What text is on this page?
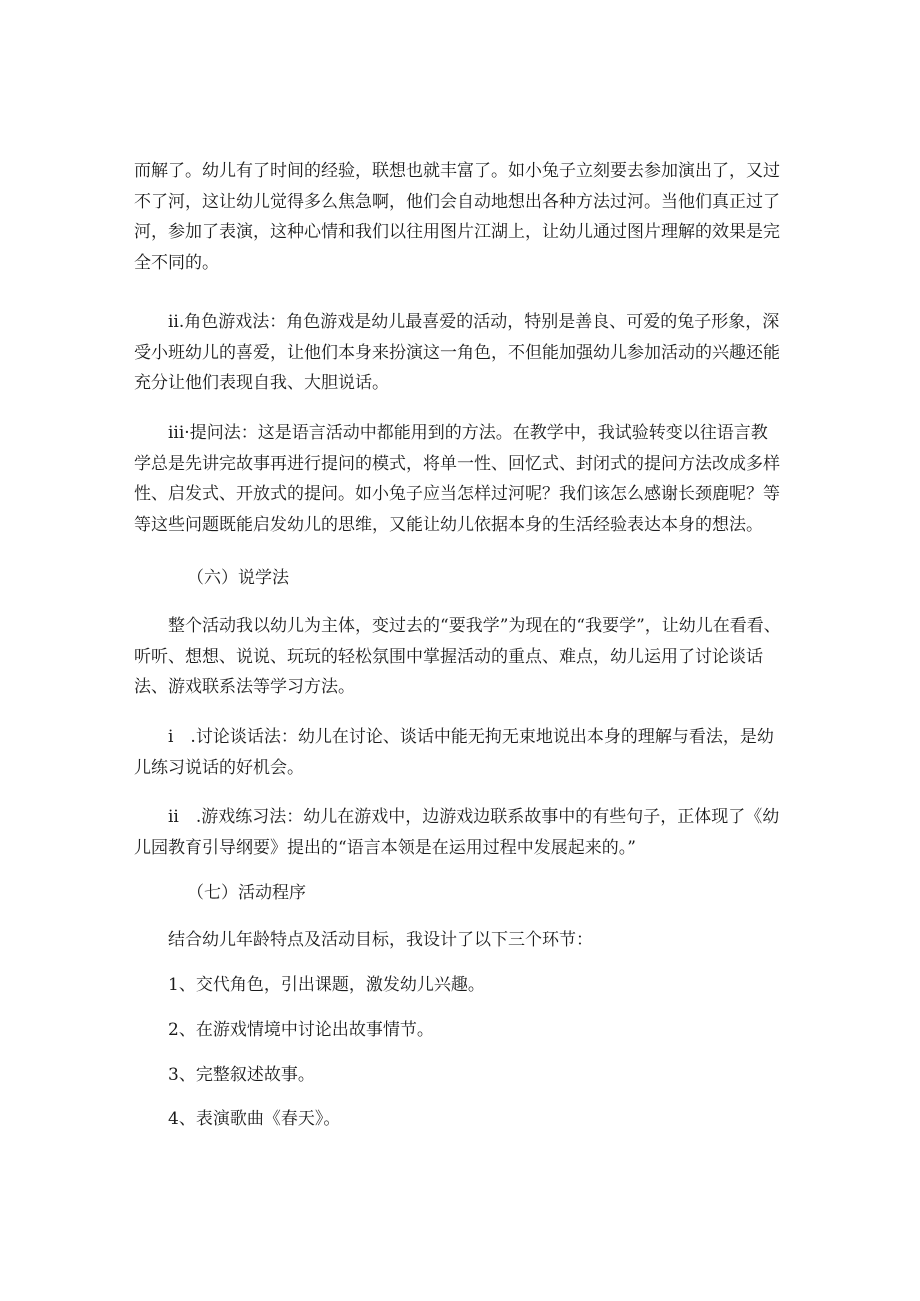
而解了。幼儿有了时间的经验，联想也就丰富了。如小兔子立刻要去参加演出了，又过不了河，这让幼儿觉得多么焦急啊，他们会自动地想出各种方法过河。当他们真正过了河，参加了表演，这种心情和我们以往用图片江湖上，让幼儿通过图片理解的效果是完全不同的。

ii.角色游戏法：角色游戏是幼儿最喜爱的活动，特别是善良、可爱的兔子形象，深受小班幼儿的喜爱，让他们本身来扮演这一角色，不但能加强幼儿参加活动的兴趣还能充分让他们表现自我、大胆说话。

iii·提问法：这是语言活动中都能用到的方法。在教学中，我试验转变以往语言教学总是先讲完故事再进行提问的模式，将单一性、回忆式、封闭式的提问方法改成多样性、启发式、开放式的提问。如小兔子应当怎样过河呢？我们该怎么感谢长颈鹿呢？等等这些问题既能启发幼儿的思维，又能让幼儿依据本身的生活经验表达本身的想法。

（六）说学法

整个活动我以幼儿为主体，变过去的“要我学”为现在的“我要学”，让幼儿在看看、听听、想想、说说、玩玩的轻松氛围中掌握活动的重点、难点，幼儿运用了讨论谈话法、游戏联系法等学习方法。

i　.讨论谈话法：幼儿在讨论、谈话中能无拘无束地说出本身的理解与看法，是幼儿练习说话的好机会。

ii　.游戏练习法：幼儿在游戏中，边游戏边联系故事中的有些句子，正体现了《幼儿园教育引导纲要》提出的“语言本领是在运用过程中发展起来的。”

（七）活动程序

结合幼儿年龄特点及活动目标，我设计了以下三个环节：

1、交代角色，引出课题，激发幼儿兴趣。

2、在游戏情境中讨论出故事情节。

3、完整叙述故事。

4、表演歌曲《春天》。
